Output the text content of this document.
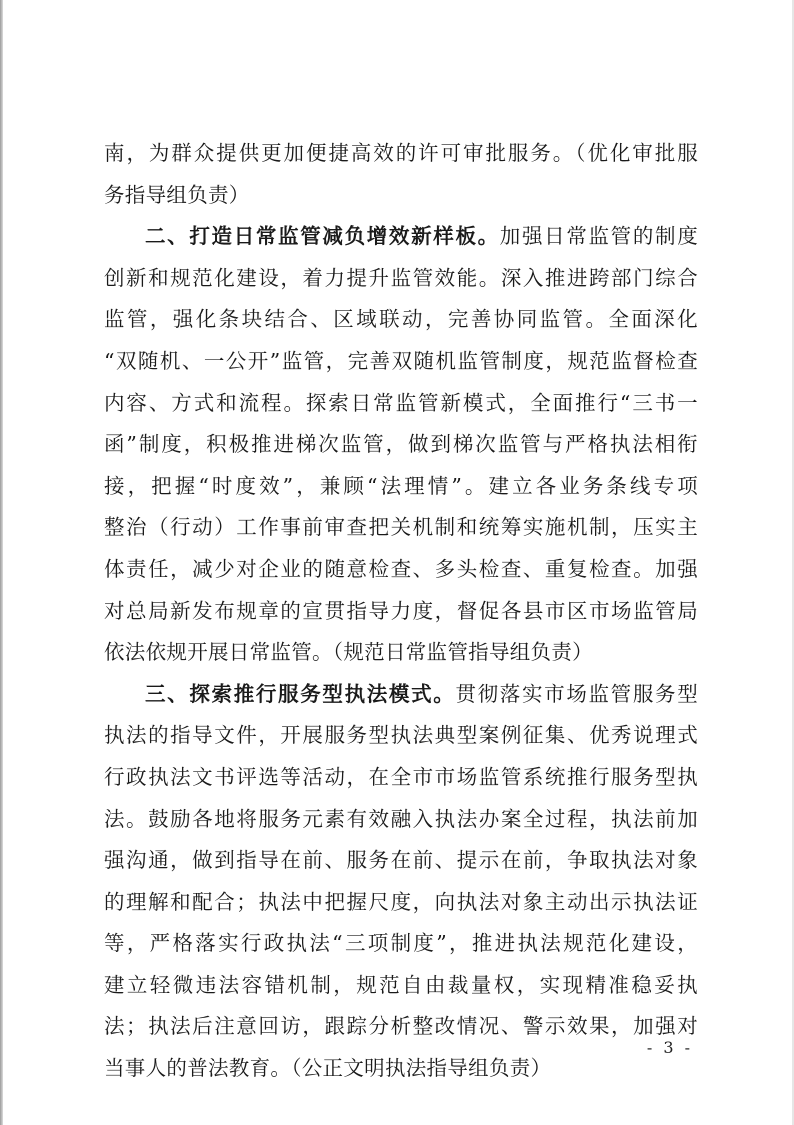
南，为群众提供更加便捷高效的许可审批服务。（优化审批服
务指导组负责）
二、打造日常监管减负增效新样板。加强日常监管的制度
创新和规范化建设，着力提升监管效能。深入推进跨部门综合
监管，强化条块结合、区域联动，完善协同监管。全面深化
“双随机、一公开”监管，完善双随机监管制度，规范监督检查
内容、方式和流程。探索日常监管新模式，全面推行“三书一
函”制度，积极推进梯次监管，做到梯次监管与严格执法相衔
接，把握“时度效”，兼顾“法理情”。建立各业务条线专项
整治（行动）工作事前审查把关机制和统筹实施机制，压实主
体责任，减少对企业的随意检查、多头检查、重复检查。加强
对总局新发布规章的宣贯指导力度，督促各县市区市场监管局
依法依规开展日常监管。（规范日常监管指导组负责）
三、探索推行服务型执法模式。贯彻落实市场监管服务型
执法的指导文件，开展服务型执法典型案例征集、优秀说理式
行政执法文书评选等活动，在全市市场监管系统推行服务型执
法。鼓励各地将服务元素有效融入执法办案全过程，执法前加
强沟通，做到指导在前、服务在前、提示在前，争取执法对象
的理解和配合；执法中把握尺度，向执法对象主动出示执法证
等，严格落实行政执法“三项制度”，推进执法规范化建设，
建立轻微违法容错机制，规范自由裁量权，实现精准稳妥执
法；执法后注意回访，跟踪分析整改情况、警示效果，加强对
当事人的普法教育。（公正文明执法指导组负责）
- 3 -
